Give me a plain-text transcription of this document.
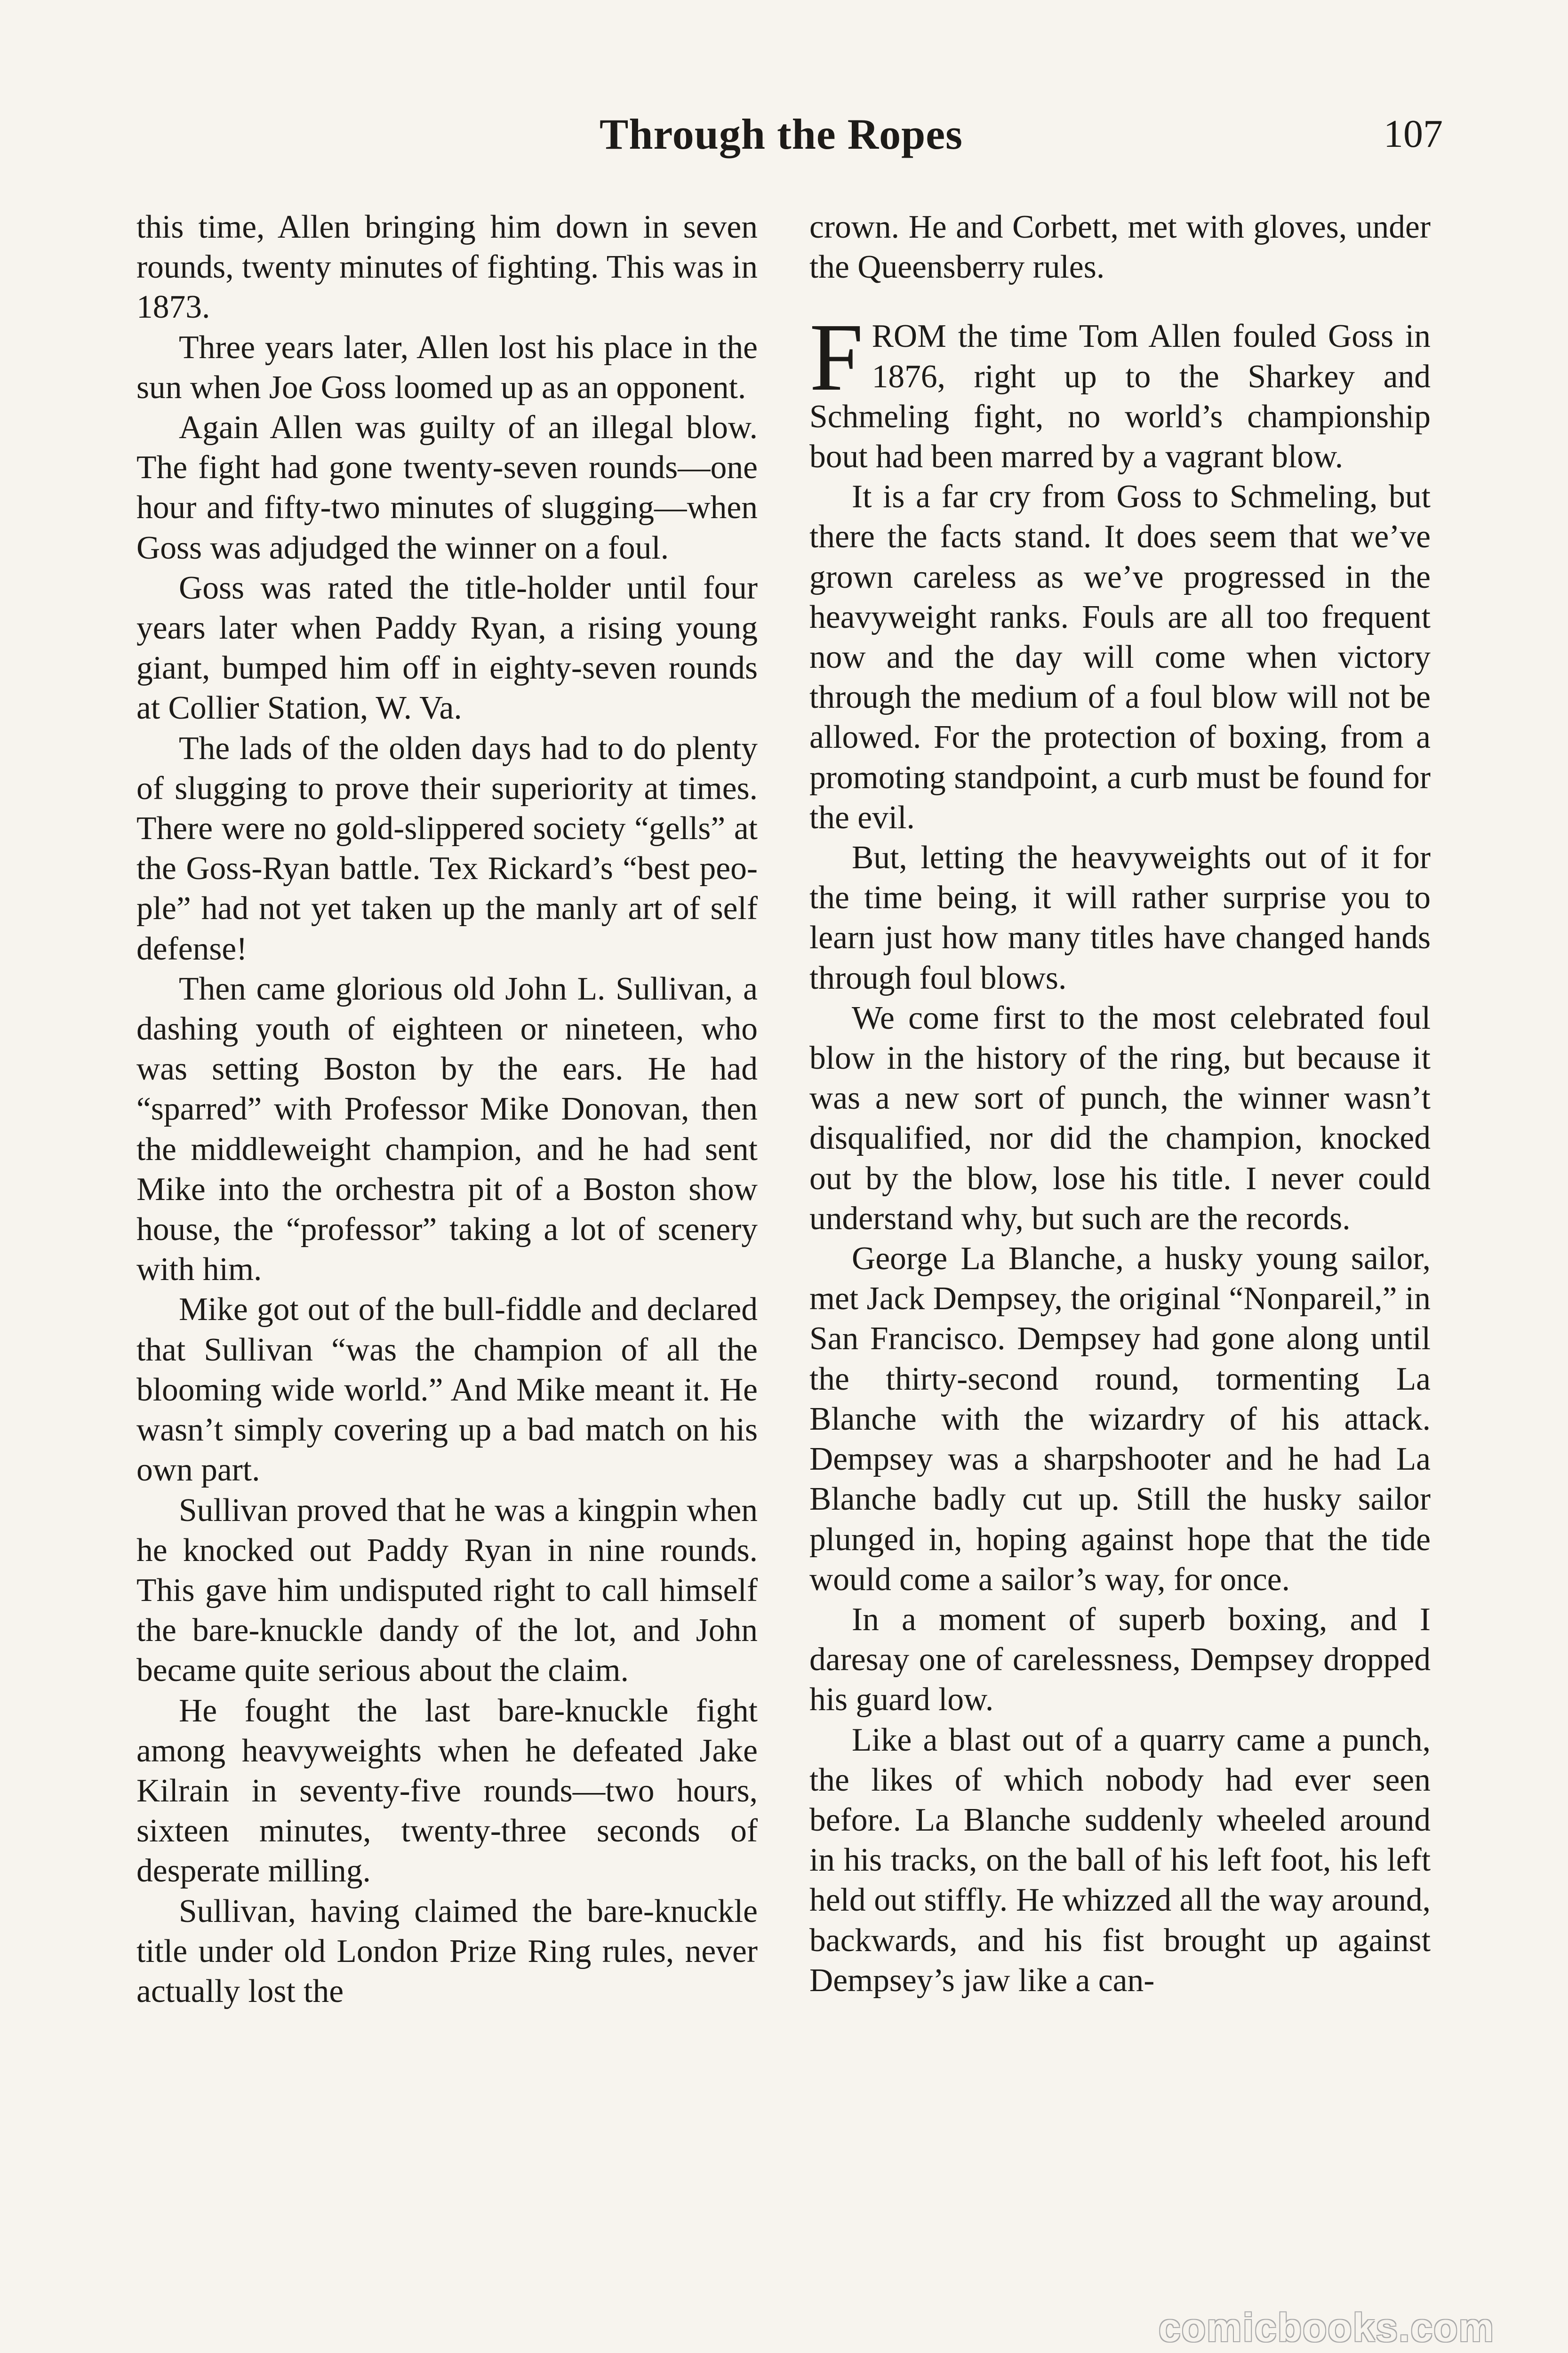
Through the Ropes	107

this time, Allen bringing him down in seven rounds, twenty minutes of fighting. This was in 1873.

Three years later, Allen lost his place in the sun when Joe Goss loomed up as an opponent.

Again Allen was guilty of an illegal blow. The fight had gone twenty-seven rounds—one hour and fifty-two minutes of slugging—when Goss was adjudged the winner on a foul.

Goss was rated the title-holder until four years later when Paddy Ryan, a rising young giant, bumped him off in eighty-seven rounds at Collier Station, W. Va.

The lads of the olden days had to do plenty of slugging to prove their superiority at times. There were no gold-slippered society “gells” at the Goss-Ryan battle. Tex Rickard’s “best people” had not yet taken up the manly art of self defense!

Then came glorious old John L. Sullivan, a dashing youth of eighteen or nineteen, who was setting Boston by the ears. He had “sparred” with Professor Mike Donovan, then the middleweight champion, and he had sent Mike into the orchestra pit of a Boston show house, the “professor” taking a lot of scenery with him.

Mike got out of the bull-fiddle and declared that Sullivan “was the champion of all the blooming wide world.” And Mike meant it. He wasn’t simply covering up a bad match on his own part.

Sullivan proved that he was a kingpin when he knocked out Paddy Ryan in nine rounds. This gave him undisputed right to call himself the bare-knuckle dandy of the lot, and John became quite serious about the claim.

He fought the last bare-knuckle fight among heavyweights when he defeated Jake Kilrain in seventy-five rounds—two hours, sixteen minutes, twenty-three seconds of desperate milling.

Sullivan, having claimed the bare-knuckle title under old London Prize Ring rules, never actually lost the

crown. He and Corbett, met with gloves, under the Queensberry rules.

FROM the time Tom Allen fouled Goss in 1876, right up to the Sharkey and Schmeling fight, no world’s championship bout had been marred by a vagrant blow.

It is a far cry from Goss to Schmeling, but there the facts stand. It does seem that we’ve grown careless as we’ve progressed in the heavyweight ranks. Fouls are all too frequent now and the day will come when victory through the medium of a foul blow will not be allowed. For the protection of boxing, from a promoting standpoint, a curb must be found for the evil.

But, letting the heavyweights out of it for the time being, it will rather surprise you to learn just how many titles have changed hands through foul blows.

We come first to the most celebrated foul blow in the history of the ring, but because it was a new sort of punch, the winner wasn’t disqualified, nor did the champion, knocked out by the blow, lose his title. I never could understand why, but such are the records.

George La Blanche, a husky young sailor, met Jack Dempsey, the original “Nonpareil,” in San Francisco. Dempsey had gone along until the thirty-second round, tormenting La Blanche with the wizardry of his attack. Dempsey was a sharpshooter and he had La Blanche badly cut up. Still the husky sailor plunged in, hoping against hope that the tide would come a sailor’s way, for once.

In a moment of superb boxing, and I daresay one of carelessness, Dempsey dropped his guard low.

Like a blast out of a quarry came a punch, the likes of which nobody had ever seen before. La Blanche suddenly wheeled around in his tracks, on the ball of his left foot, his left held out stiffly. He whizzed all the way around, backwards, and his fist brought up against Dempsey’s jaw like a can-

comicbooks.com
